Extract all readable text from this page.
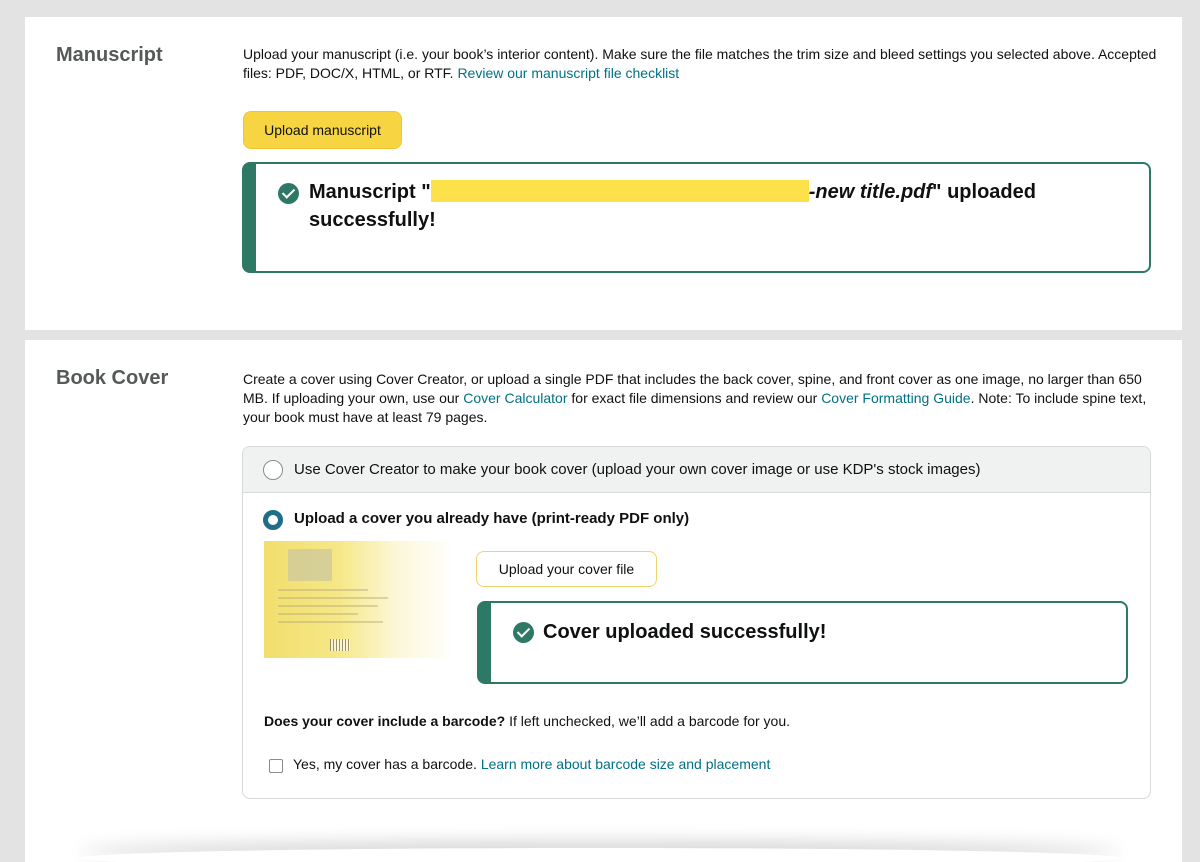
Manuscript	Upload your manuscript (i.e. your book’s interior content). Make sure the file matches the trim size and bleed settings you selected above. Accepted files: PDF, DOC/X, HTML, or RTF. Review our manuscript file checklist
Upload manuscript
Manuscript "	-new title.pdf" uploaded successfully!
Book Cover	Create a cover using Cover Creator, or upload a single PDF that includes the back cover, spine, and front cover as one image, no larger than 650 MB. If uploading your own, use our Cover Calculator for exact file dimensions and review our Cover Formatting Guide. Note: To include spine text, your book must have at least 79 pages.
Use Cover Creator to make your book cover (upload your own cover image or use KDP's stock images)
Upload a cover you already have (print-ready PDF only)
Upload your cover file
Cover uploaded successfully!
Does your cover include a barcode? If left unchecked, we’ll add a barcode for you.
Yes, my cover has a barcode. Learn more about barcode size and placement
